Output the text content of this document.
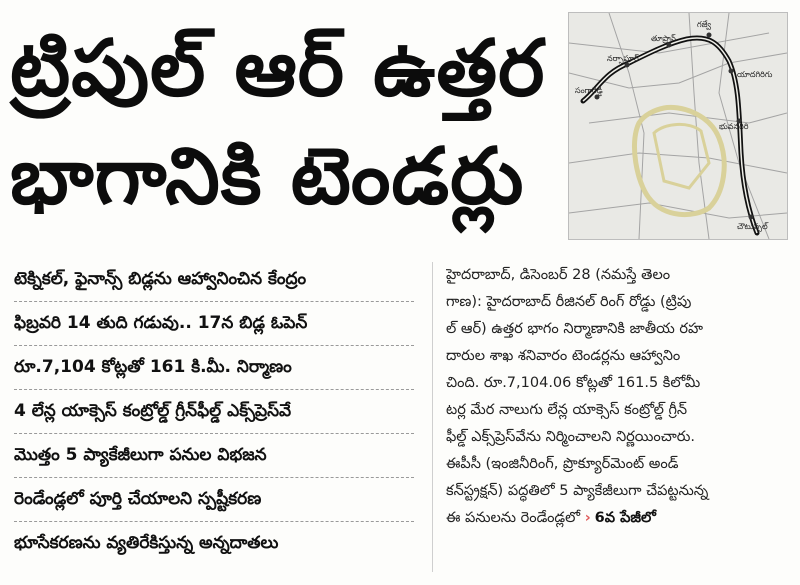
ట్రిపుల్ ఆర్ ఉత్తర
భాగానికి టెండర్లు
గజ్వే
తూప్రాన్
నర్సాపూర్
సంగారెడ్డి
యాదగిరిగు
భువనగిరి
చౌటుప్పల్
టెక్నికల్, ఫైనాన్స్ బిడ్లను ఆహ్వానించిన కేంద్రం
ఫిబ్రవరి 14 తుది గడువు.. 17న బిడ్ల ఓపెన్
రూ.7,104 కోట్లతో 161 కి.మీ. నిర్మాణం
4 లేన్ల యాక్సెస్ కంట్రోల్డ్ గ్రీన్‌ఫీల్డ్ ఎక్స్‌ప్రెస్‌వే
మొత్తం 5 ప్యాకేజీలుగా పనుల విభజన
రెండేండ్లలో పూర్తి చేయాలని స్పష్టీకరణ
భూసేకరణను వ్యతిరేకిస్తున్న అన్నదాతలు
హైదరాబాద్, డిసెంబర్ 28 (నమస్తే తెలం
గాణ): హైదరాబాద్ రీజినల్ రింగ్ రోడ్డు (ట్రిపు
ల్ ఆర్) ఉత్తర భాగం నిర్మాణానికి జాతీయ రహ
దారుల శాఖ శనివారం టెండర్లను ఆహ్వానిం
చింది. రూ.7,104.06 కోట్లతో 161.5 కిలోమీ
టర్ల మేర నాలుగు లేన్ల యాక్సెస్ కంట్రోల్డ్ గ్రీన్
ఫీల్డ్ ఎక్స్‌ప్రెస్‌వేను నిర్మించాలని నిర్ణయించారు.
ఈపీసీ (ఇంజినీరింగ్, ప్రొక్యూర్‌మెంట్ అండ్
కన్‌స్ట్రక్షన్) పద్ధతిలో 5 ప్యాకేజీలుగా చేపట్టనున్న
ఈ పనులను రెండేండ్లలో › 6వ పేజీలో
